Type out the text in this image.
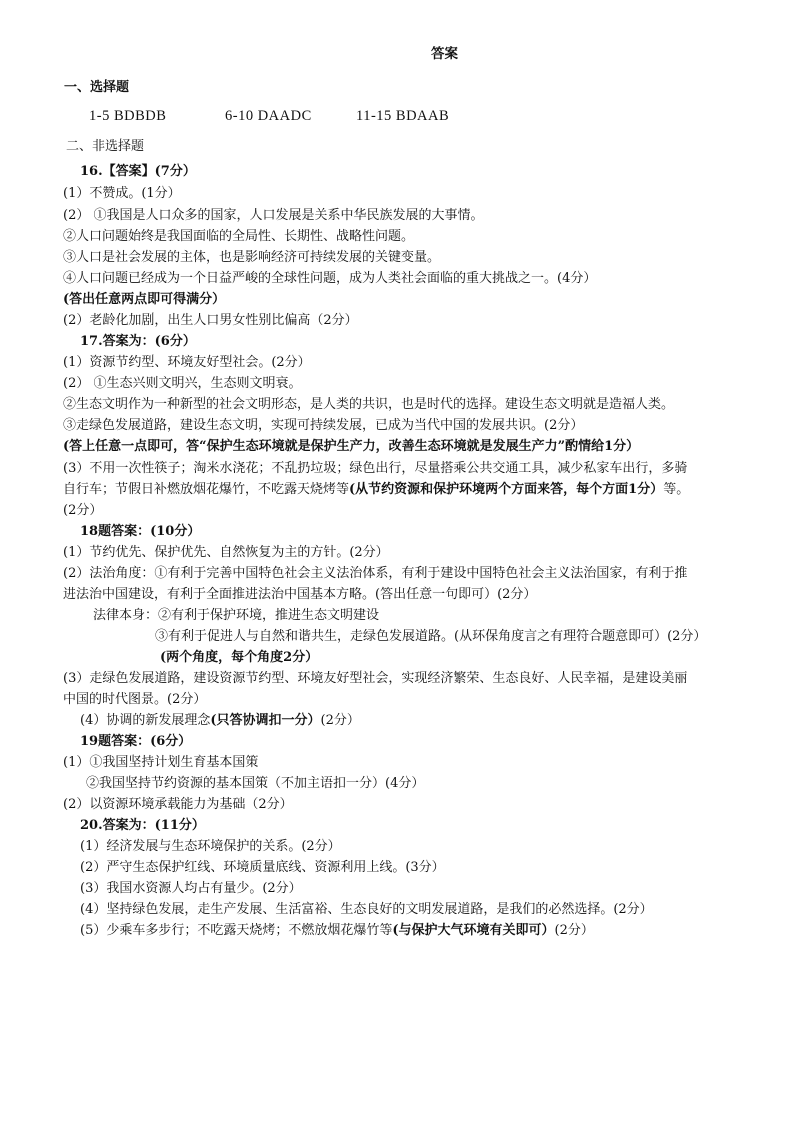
答案
一、选择题
1-5 BDBDB	6-10 DAADC	11-15 BDAAB
二、非选择题
16.【答案】(7分）
(1）不赞成。(1分）
(2） ①我国是人口众多的国家，人口发展是关系中华民族发展的大事情。
②人口问题始终是我国面临的全局性、长期性、战略性问题。
③人口是社会发展的主体，也是影响经济可持续发展的关键变量。
④人口问题已经成为一个日益严峻的全球性问题，成为人类社会面临的重大挑战之一。(4分）
(答出任意两点即可得满分）
(2）老龄化加剧，出生人口男女性别比偏高（2分）
17.答案为：(6分）
(1）资源节约型、环境友好型社会。(2分）
(2） ①生态兴则文明兴，生态则文明衰。
②生态文明作为一种新型的社会文明形态，是人类的共识，也是时代的选择。建设生态文明就是造福人类。
③走绿色发展道路，建设生态文明，实现可持续发展，已成为当代中国的发展共识。(2分）
(答上任意一点即可，答“保护生态环境就是保护生产力，改善生态环境就是发展生产力”酌情给1分）
(3）不用一次性筷子；淘米水浇花；不乱扔垃圾；绿色出行，尽量搭乘公共交通工具，减少私家车出行，多骑
自行车；节假日补燃放烟花爆竹，不吃露天烧烤等(从节约资源和保护环境两个方面来答，每个方面1分）等。
(2分）
18题答案：(10分）
(1）节约优先、保护优先、自然恢复为主的方针。(2分）
(2）法治角度：①有利于完善中国特色社会主义法治体系，有利于建设中国特色社会主义法治国家，有利于推
进法治中国建设，有利于全面推进法治中国基本方略。(答出任意一句即可）(2分）
法律本身：②有利于保护环境，推进生态文明建设
③有利于促进人与自然和谐共生，走绿色发展道路。(从环保角度言之有理符合题意即可）(2分）
(两个角度，每个角度2分）
(3）走绿色发展道路，建设资源节约型、环境友好型社会，实现经济繁荣、生态良好、人民幸福，是建设美丽
中国的时代图景。(2分）
(4）协调的新发展理念(只答协调扣一分）(2分）
19题答案：(6分）
(1）①我国坚持计划生育基本国策
②我国坚持节约资源的基本国策（不加主语扣一分）(4分）
(2）以资源环境承载能力为基础（2分）
20.答案为：(11分）
(1）经济发展与生态环境保护的关系。(2分）
(2）严守生态保护红线、环境质量底线、资源利用上线。(3分）
(3）我国水资源人均占有量少。(2分）
(4）坚持绿色发展，走生产发展、生活富裕、生态良好的文明发展道路，是我们的必然选择。(2分）
(5）少乘车多步行；不吃露天烧烤；不燃放烟花爆竹等(与保护大气环境有关即可）(2分）
